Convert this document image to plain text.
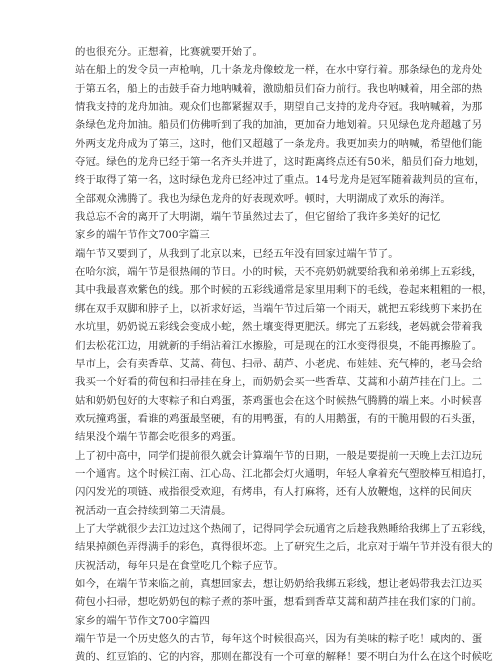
的也很充分。正想着，比赛就要开始了。
站在船上的发令员一声枪响，几十条龙舟像蛟龙一样，在水中穿行着。那条绿色的龙舟处
于第五名，船上的击鼓手奋力地呐喊着，激励船员们奋力前行。我也呐喊着，用全部的热
情我支持的龙舟加油。观众们也都紧握双手，期望自己支持的龙舟夺冠。我呐喊着，为那
条绿色龙舟加油。船员们仿佛听到了我的加油，更加奋力地划着。只见绿色龙舟超越了另
外两支龙舟成为了第三，这时，他们又超越了一条龙舟。我更加卖力的呐喊，希望他们能
夺冠。绿色的龙舟已经于第一名齐头并进了，这时距离终点还有50米，船员们奋力地划，
终于取得了第一名，这时绿色龙舟已经冲过了重点。14号龙舟是冠军随着裁判员的宣布，
全部观众沸腾了。我也为绿色龙舟的好表现欢呼。顿时，大明湖成了欢乐的海洋。
我总忘不舍的离开了大明湖，端午节虽然过去了，但它留给了我许多美好的记忆
家乡的端午节作文700字篇三
端午节又要到了，从我到了北京以来，已经五年没有回家过端午节了。
在哈尔滨，端午节是很热闹的节日。小的时候，天不亮奶奶就要给我和弟弟绑上五彩线，
其中我最喜欢紫色的线。那个时候的五彩线通常是家里用剩下的毛线，卷起来粗粗的一根，
绑在双手双脚和脖子上，以祈求好运，当端午节过后第一个雨天，就把五彩线剪下来扔在
水坑里，奶奶说五彩线会变成小蛇，然土壤变得更肥沃。绑完了五彩线，老妈就会带着我
们去松花江边，用就新的手绢沾着江水擦脸，可是现在的江水变得很臭，不能再擦脸了。
早市上，会有卖香草、艾蒿、荷包、扫帚、葫芦、小老虎、布娃娃、充气棒的，老马会给
我买一个好看的荷包和扫帚挂在身上，而奶奶会买一些香草、艾蒿和小葫芦挂在门上。二
姑和奶奶包好的大枣粽子和白鸡蛋，茶鸡蛋也会在这个时候热气腾腾的端上来。小时候喜
欢玩撞鸡蛋，看谁的鸡蛋最坚硬，有的用鸭蛋，有的人用鹅蛋，有的干脆用假的石头蛋，
结果没个端午节都会吃很多的鸡蛋。
上了初中高中，同学们提前很久就会计算端午节的日期，一般是要提前一天晚上去江边玩
一个通宵。这个时候江南、江心岛、江北都会灯火通明，年轻人拿着充气塑胶棒互相追打，
闪闪发光的项链、戒指很受欢迎，有烤串，有人打麻将，还有人放鞭炮，这样的民间庆
祝活动一直会持续到第二天清晨。
上了大学就很少去江边过这个热闹了，记得同学会玩通宵之后趁我熟睡给我绑上了五彩线，
结果掉颜色弄得满手的彩色，真得很坏恋。上了研究生之后，北京对于端午节并没有很大的
庆祝活动，每年只是在食堂吃几个粽子应节。
如今，在端午节来临之前，真想回家去，想让奶奶给我绑五彩线，想让老妈带我去江边买
荷包小扫帚，想吃奶奶包的粽子煮的茶叶蛋，想看到香草艾蒿和葫芦挂在我们家的门前。
家乡的端午节作文700字篇四
端午节是一个历史悠久的古节，每年这个时候很高兴，因为有美味的粽子吃！咸肉的、蛋
黄的、红豆馅的、它的内容，那则在都没有一个可章的解释！要不明白为什么在这个时候吃
